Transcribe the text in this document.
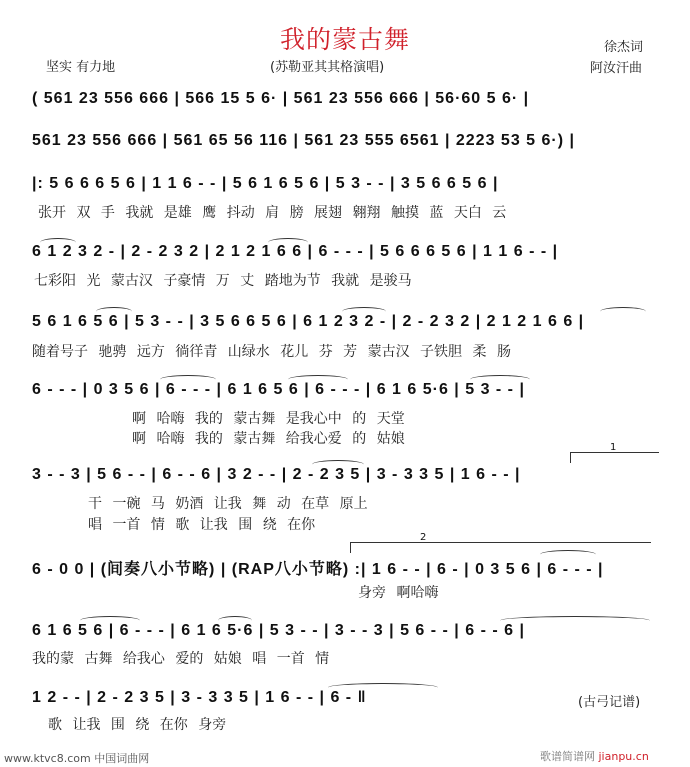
我的蒙古舞
(苏勒亚其其格演唱)
坚实 有力地
徐杰词
阿汝汗曲
( 561 23 556 666 | 566 15 5 6· | 561 23 556 666 | 56·60 5 6· |
561 23 556 666 | 561 65 56 116 | 561 23 555 6561 | 2223 53 5 6·) |
|: 5 6 6 6 5 6 | 1 1 6 - - | 5 6 1 6 5 6 | 5 3 - - | 3 5 6 6 5 6 |
张开 双 手 我就 是雄 鹰 抖动 肩 膀 展翅 翱翔 触摸 蓝 天白 云
6 1 2 3 2 - | 2 - 2 3 2 | 2 1 2 1 6 6 | 6 - - - | 5 6 6 6 5 6 | 1 1 6 - - |
七彩阳 光 蒙古汉 子豪情 万 丈 踏地为节 我就 是骏马
5 6 1 6 5 6 | 5 3 - - | 3 5 6 6 5 6 | 6 1 2 3 2 - | 2 - 2 3 2 | 2 1 2 1 6 6 |
随着号子 驰骋 远方 徜徉青 山绿水 花儿 芬 芳 蒙古汉 子铁胆 柔 肠
6 - - - | 0 3 5 6 | 6 - - - | 6 1 6 5 6 | 6 - - - | 6 1 6 5·6 | 5 3 - - |
啊 哈嗨 我的 蒙古舞 是我心中 的 天堂
啊 哈嗨 我的 蒙古舞 给我心爱 的 姑娘
3 - - 3 | 5 6 - - | 6 - - 6 | 3 2 - - | 2 - 2 3 5 | 3 - 3 3 5 | 1 6 - - |
干 一碗 马 奶酒 让我 舞 动 在草 原上
唱 一首 情 歌 让我 围 绕 在你
1
6 - 0 0 | (间奏八小节略) | (RAP八小节略) :| 1 6 - - | 6 - | 0 3 5 6 | 6 - - - |
身旁 啊哈嗨
2
6 1 6 5 6 | 6 - - - | 6 1 6 5·6 | 5 3 - - | 3 - - 3 | 5 6 - - | 6 - - 6 |
我的蒙 古舞 给我心 爱的 姑娘 唱 一首 情
1 2 - - | 2 - 2 3 5 | 3 - 3 3 5 | 1 6 - - | 6 - ‖
歌 让我 围 绕 在你 身旁
(古弓记谱)
www.ktvc8.com 中国词曲网	歌谱简谱网 jianpu.cn
